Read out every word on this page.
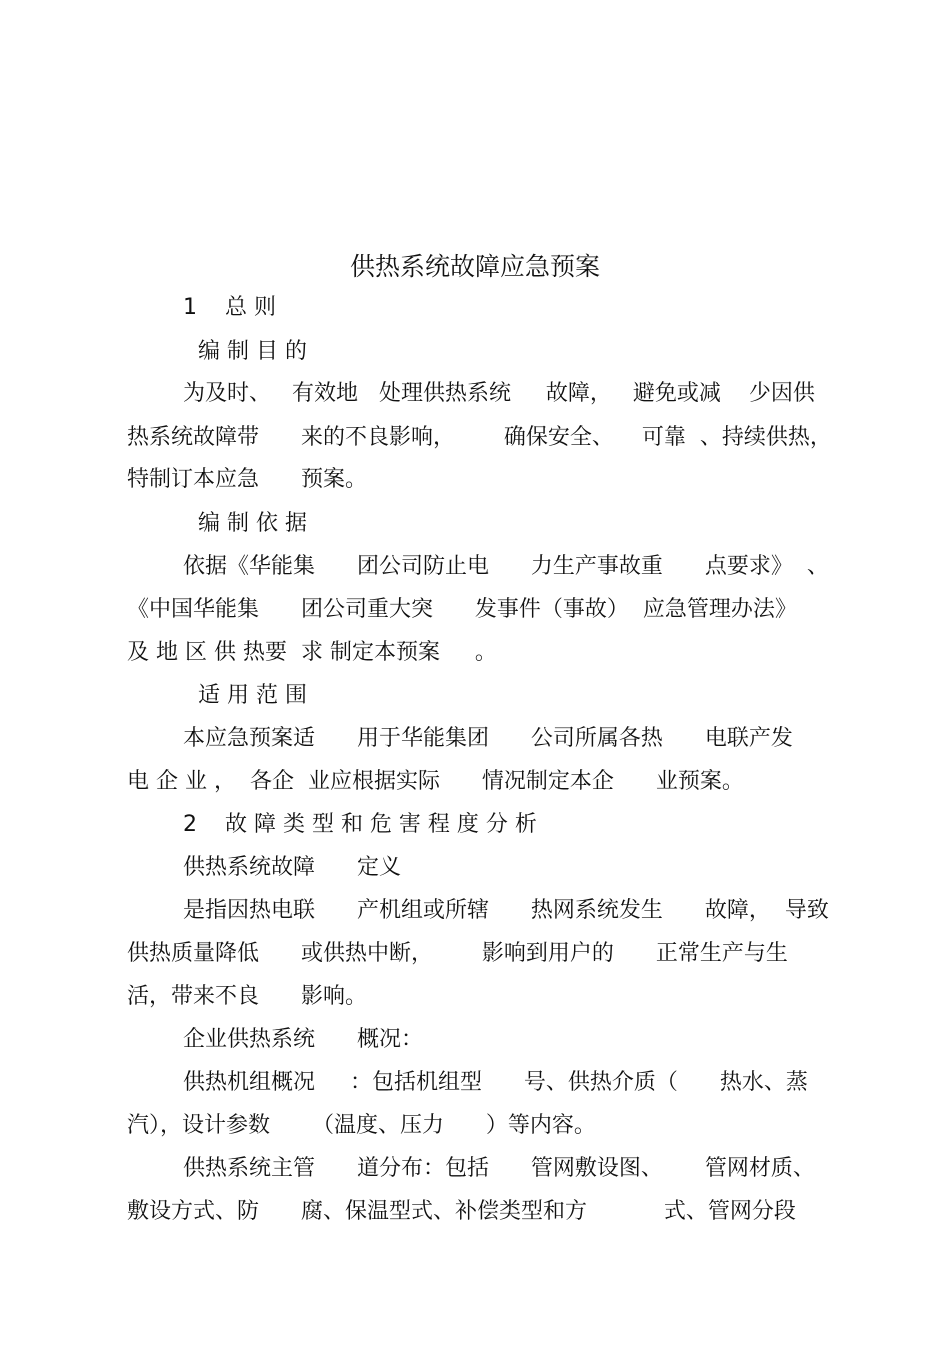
供热系统故障应急预案
1    总 则
编 制 目 的
为及时、   有效地   处理供热系统     故障，   避免或减    少因供
热系统故障带      来的不良影响，       确保安全、    可靠  、持续供热，
特制订本应急      预案。
编 制 依 据
依据《华能集      团公司防止电      力生产事故重      点要求》  、
《中国华能集      团公司重大突      发事件（事故）  应急管理办法》
及 地 区 供 热要  求 制定本预案     。
适 用 范 围
本应急预案适      用于华能集团      公司所属各热      电联产发
电 企 业 ，  各企  业应根据实际      情况制定本企      业预案。
2    故 障 类 型 和 危 害 程 度 分 析
供热系统故障      定义
是指因热电联      产机组或所辖      热网系统发生      故障，  导致
供热质量降低      或供热中断，       影响到用户的      正常生产与生
活，带来不良      影响。
企业供热系统      概况：
供热机组概况     ：包括机组型      号、供热介质（      热水、蒸
汽），设计参数      （温度、压力      ）等内容。
供热系统主管      道分布：包括      管网敷设图、      管网材质、
敷设方式、防      腐、保温型式、补偿类型和方           式、管网分段
